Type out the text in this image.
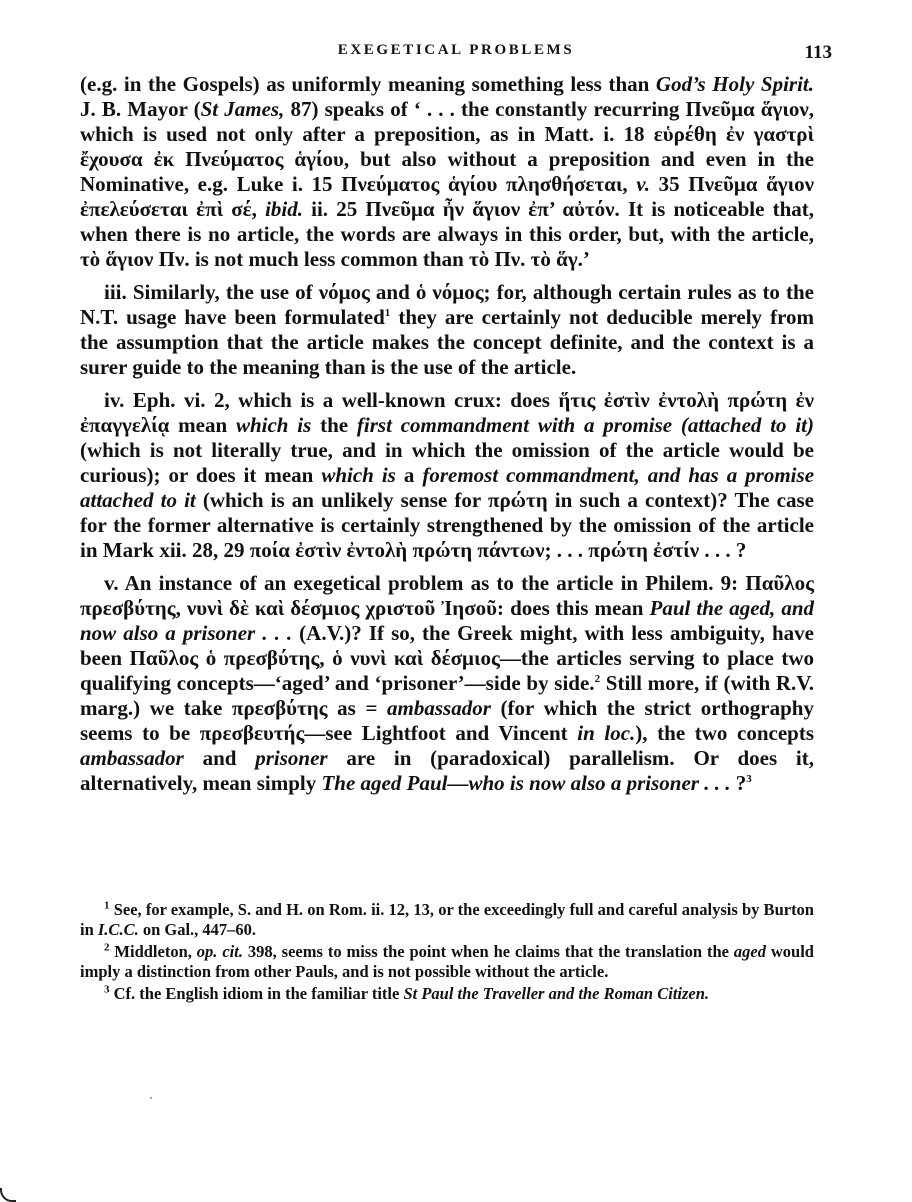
EXEGETICAL PROBLEMS	113

(e.g. in the Gospels) as uniformly meaning something less than God’s Holy Spirit. J. B. Mayor (St James, 87) speaks of ‘ . . . the constantly recurring Πνεῦμα ἅγιον, which is used not only after a preposition, as in Matt. i. 18 εὑρέθη ἐν γαστρὶ ἔχουσα ἐκ Πνεύματος ἁγίου, but also without a preposition and even in the Nominative, e.g. Luke i. 15 Πνεύματος ἁγίου πλησθήσεται, v. 35 Πνεῦμα ἅγιον ἐπελεύσεται ἐπὶ σέ, ibid. ii. 25 Πνεῦμα ἦν ἅγιον ἐπ’ αὐτόν. It is noticeable that, when there is no article, the words are always in this order, but, with the article, τὸ ἅγιον Πν. is not much less common than τὸ Πν. τὸ ἅγ.’

iii. Similarly, the use of νόμος and ὁ νόμος; for, although certain rules as to the N.T. usage have been formulated$^1$ they are certainly not deducible merely from the assumption that the article makes the concept definite, and the context is a surer guide to the meaning than is the use of the article.

iv. Eph. vi. 2, which is a well-known crux: does ἥτις ἐστὶν ἐντολὴ πρώτη ἐν ἐπαγγελίᾳ mean which is the first commandment with a promise (attached to it) (which is not literally true, and in which the omission of the article would be curious); or does it mean which is a foremost commandment, and has a promise attached to it (which is an unlikely sense for πρώτη in such a context)? The case for the former alternative is certainly strengthened by the omission of the article in Mark xii. 28, 29 ποία ἐστὶν ἐντολὴ πρώτη πάντων; . . . πρώτη ἐστίν . . . ?

v. An instance of an exegetical problem as to the article in Philem. 9: Παῦλος πρεσβύτης, νυνὶ δὲ καὶ δέσμιος χριστοῦ Ἰησοῦ: does this mean Paul the aged, and now also a prisoner . . . (A.V.)? If so, the Greek might, with less ambiguity, have been Παῦλος ὁ πρεσβύτης, ὁ νυνὶ καὶ δέσμιος—the articles serving to place two qualifying concepts—‘aged’ and ‘prisoner’—side by side.$^2$ Still more, if (with R.V. marg.) we take πρεσβύτης as = ambassador (for which the strict orthography seems to be πρεσβευτής—see Lightfoot and Vincent in loc.), the two concepts ambassador and prisoner are in (paradoxical) parallelism. Or does it, alternatively, mean simply The aged Paul—who is now also a prisoner . . . ?$^3$

$^1$ See, for example, S. and H. on Rom. ii. 12, 13, or the exceedingly full and careful analysis by Burton in I.C.C. on Gal., 447–60.

$^2$ Middleton, op. cit. 398, seems to miss the point when he claims that the translation the aged would imply a distinction from other Pauls, and is not possible without the article.

$^3$ Cf. the English idiom in the familiar title St Paul the Traveller and the Roman Citizen.
